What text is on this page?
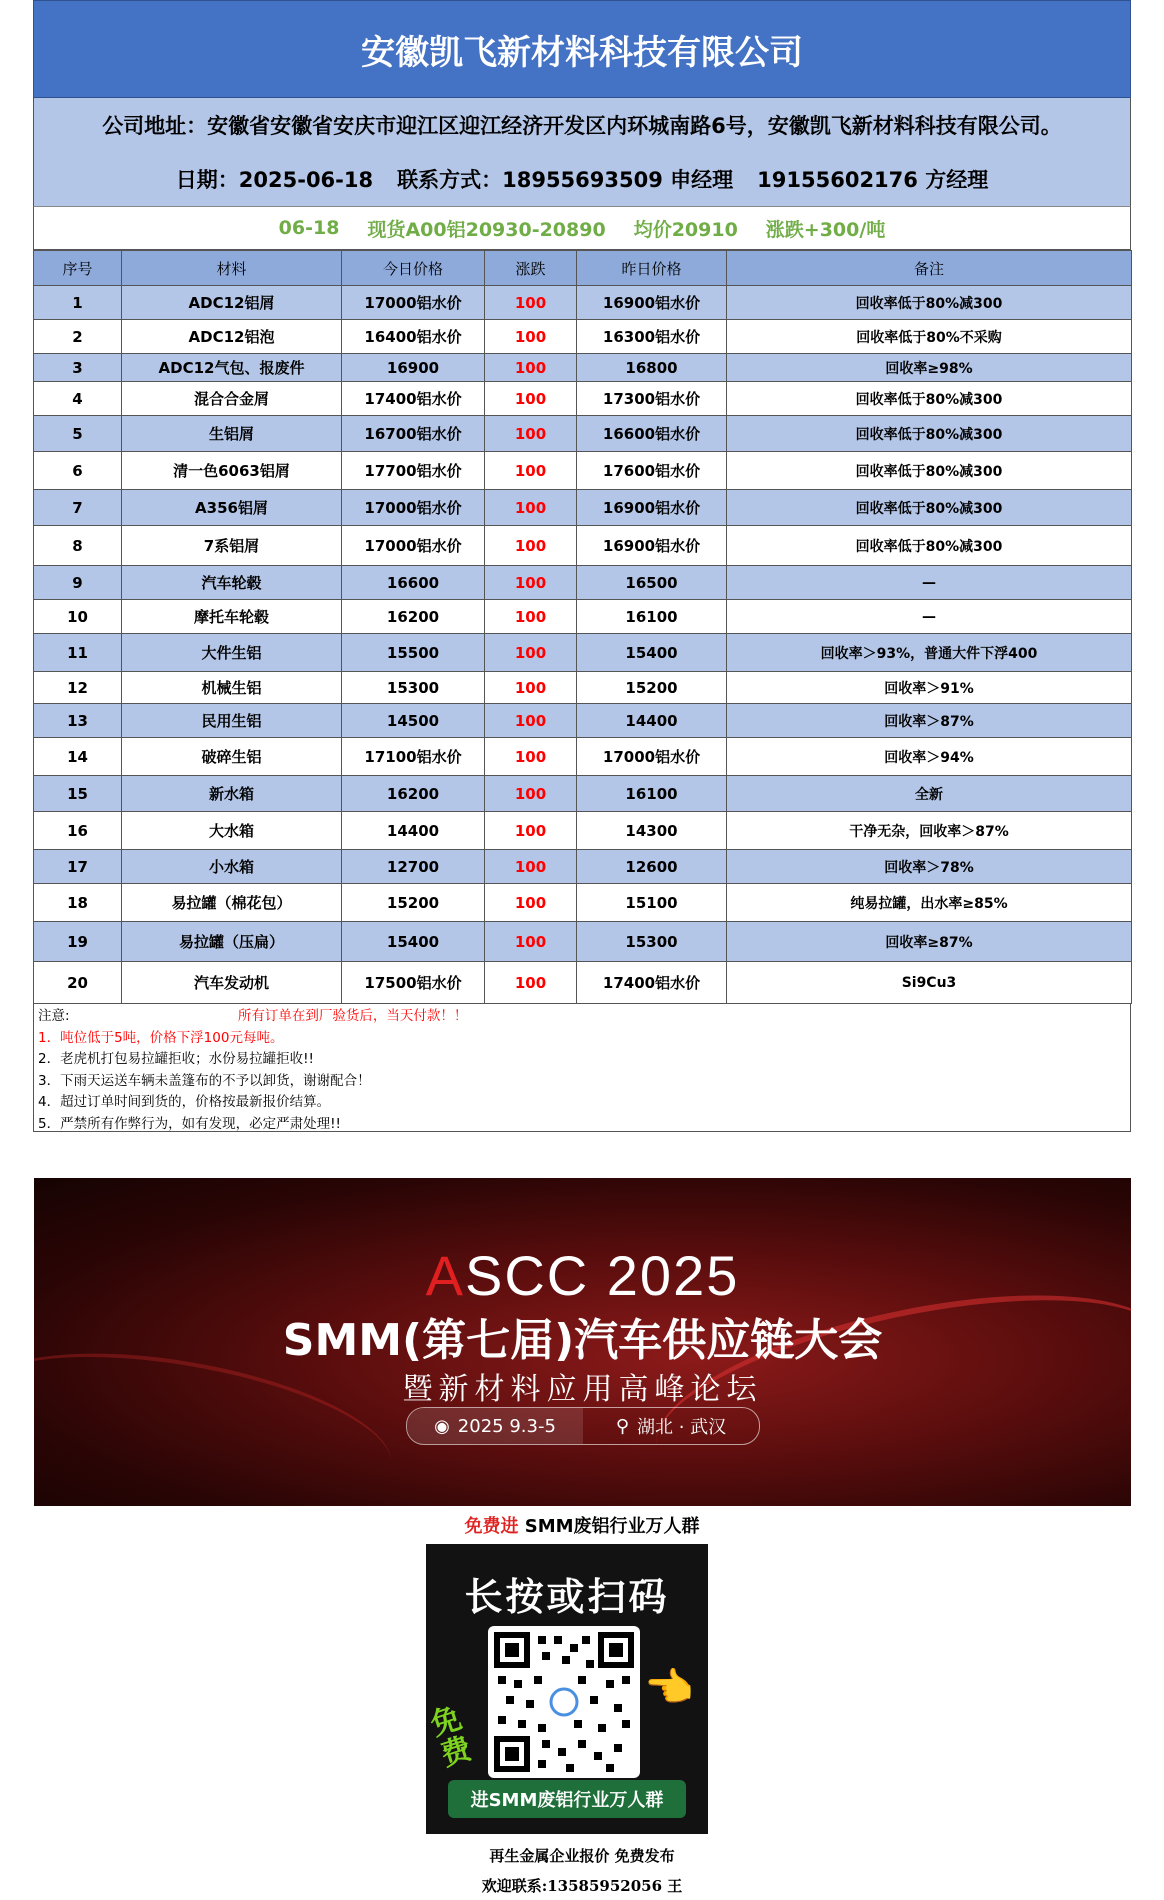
安徽凯飞新材料科技有限公司
公司地址：安徽省安徽省安庆市迎江区迎江经济开发区内环城南路6号，安徽凯飞新材料科技有限公司。
日期：2025-06-18 联系方式：18955693509 申经理 19155602176 方经理
06-18 现货A00铝20930-20890 均价20910 涨跌+300/吨
序号	材料	今日价格	涨跌	昨日价格	备注
1	ADC12铝屑	17000铝水价	100	16900铝水价	回收率低于80%减300
2	ADC12铝泡	16400铝水价	100	16300铝水价	回收率低于80%不采购
3	ADC12气包、报废件	16900	100	16800	回收率≥98%
4	混合合金屑	17400铝水价	100	17300铝水价	回收率低于80%减300
5	生铝屑	16700铝水价	100	16600铝水价	回收率低于80%减300
6	清一色6063铝屑	17700铝水价	100	17600铝水价	回收率低于80%减300
7	A356铝屑	17000铝水价	100	16900铝水价	回收率低于80%减300
8	7系铝屑	17000铝水价	100	16900铝水价	回收率低于80%减300
9	汽车轮毂	16600	100	16500	—
10	摩托车轮毂	16200	100	16100	—
11	大件生铝	15500	100	15400	回收率＞93%，普通大件下浮400
12	机械生铝	15300	100	15200	回收率＞91%
13	民用生铝	14500	100	14400	回收率＞87%
14	破碎生铝	17100铝水价	100	17000铝水价	回收率＞94%
15	新水箱	16200	100	16100	全新
16	大水箱	14400	100	14300	干净无杂，回收率＞87%
17	小水箱	12700	100	12600	回收率＞78%
18	易拉罐（棉花包）	15200	100	15100	纯易拉罐，出水率≥85%
19	易拉罐（压扁）	15400	100	15300	回收率≥87%
20	汽车发动机	17500铝水价	100	17400铝水价	Si9Cu3
注意:	所有订单在到厂验货后，当天付款！！
1．吨位低于5吨，价格下浮100元每吨。
2．老虎机打包易拉罐拒收；水份易拉罐拒收!!
3．下雨天运送车辆未盖篷布的不予以卸货，谢谢配合！
4．超过订单时间到货的，价格按最新报价结算。
5．严禁所有作弊行为，如有发现，必定严肃处理!!
ASCC 2025
SMM(第七届)汽车供应链大会
暨新材料应用高峰论坛
◉ 2025 9.3-5	⚲ 湖北 · 武汉
免费进 SMM废铝行业万人群
长按或扫码
免费
👈
进SMM废铝行业万人群
再生金属企业报价 免费发布
欢迎联系:13585952056 王
